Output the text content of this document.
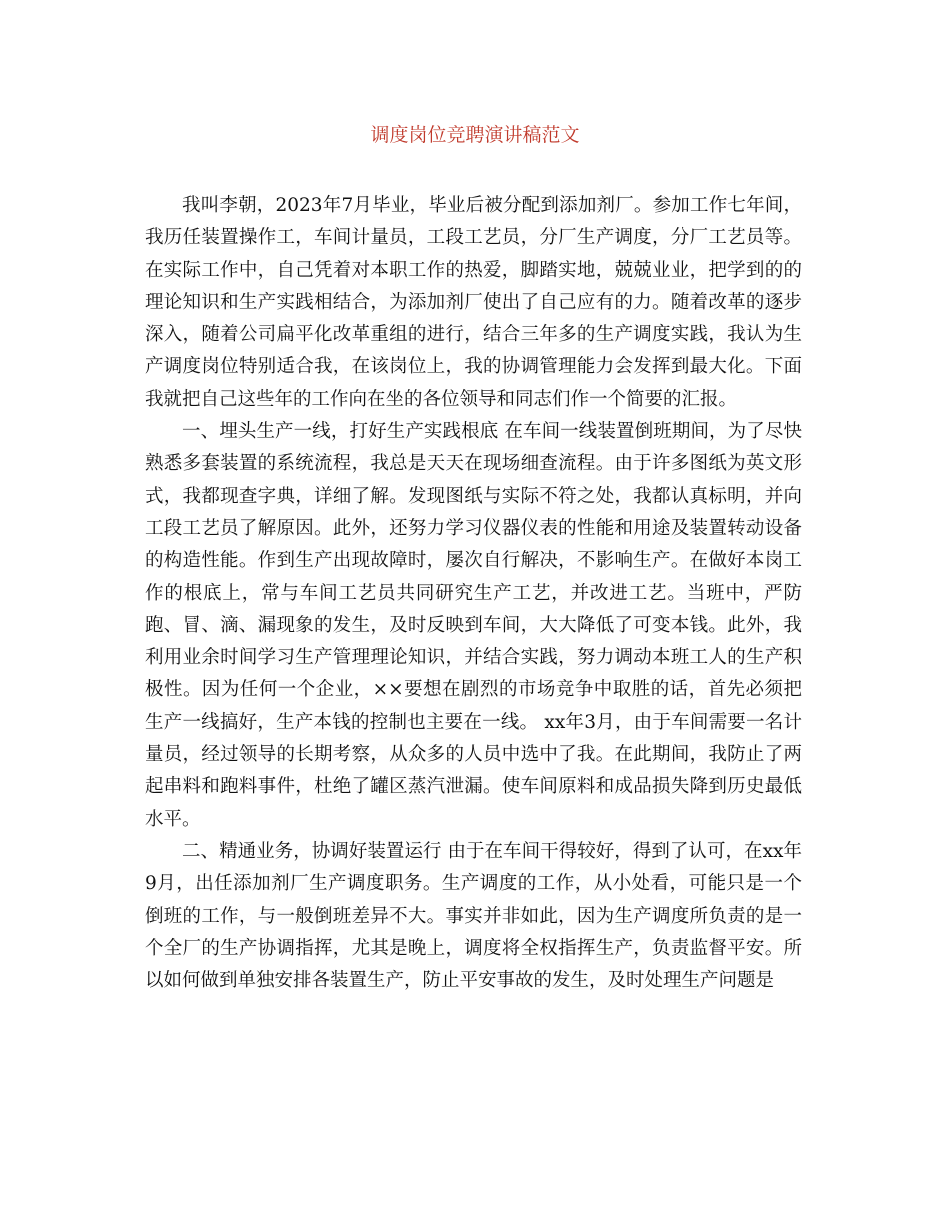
调度岗位竞聘演讲稿范文

我叫李朝，2023年7月毕业，毕业后被分配到添加剂厂。参加工作七年间，我历任装置操作工，车间计量员，工段工艺员，分厂生产调度，分厂工艺员等。在实际工作中，自己凭着对本职工作的热爱，脚踏实地，兢兢业业，把学到的的理论知识和生产实践相结合，为添加剂厂使出了自己应有的力。随着改革的逐步深入，随着公司扁平化改革重组的进行，结合三年多的生产调度实践，我认为生产调度岗位特别适合我，在该岗位上，我的协调管理能力会发挥到最大化。下面我就把自己这些年的工作向在坐的各位领导和同志们作一个简要的汇报。

一、埋头生产一线，打好生产实践根底 在车间一线装置倒班期间，为了尽快熟悉多套装置的系统流程，我总是天天在现场细查流程。由于许多图纸为英文形式，我都现查字典，详细了解。发现图纸与实际不符之处，我都认真标明，并向工段工艺员了解原因。此外，还努力学习仪器仪表的性能和用途及装置转动设备的构造性能。作到生产出现故障时，屡次自行解决，不影响生产。在做好本岗工作的根底上，常与车间工艺员共同研究生产工艺，并改进工艺。当班中，严防跑、冒、滴、漏现象的发生，及时反映到车间，大大降低了可变本钱。此外，我利用业余时间学习生产管理理论知识，并结合实践，努力调动本班工人的生产积极性。因为任何一个企业，××要想在剧烈的市场竞争中取胜的话，首先必须把生产一线搞好，生产本钱的控制也主要在一线。 xx年3月，由于车间需要一名计量员，经过领导的长期考察，从众多的人员中选中了我。在此期间，我防止了两起串料和跑料事件，杜绝了罐区蒸汽泄漏。使车间原料和成品损失降到历史最低水平。

二、精通业务，协调好装置运行 由于在车间干得较好，得到了认可，在xx年9月，出任添加剂厂生产调度职务。生产调度的工作，从小处看，可能只是一个倒班的工作，与一般倒班差异不大。事实并非如此，因为生产调度所负责的是一个全厂的生产协调指挥，尤其是晚上，调度将全权指挥生产，负责监督平安。所以如何做到单独安排各装置生产，防止平安事故的发生，及时处理生产问题是
